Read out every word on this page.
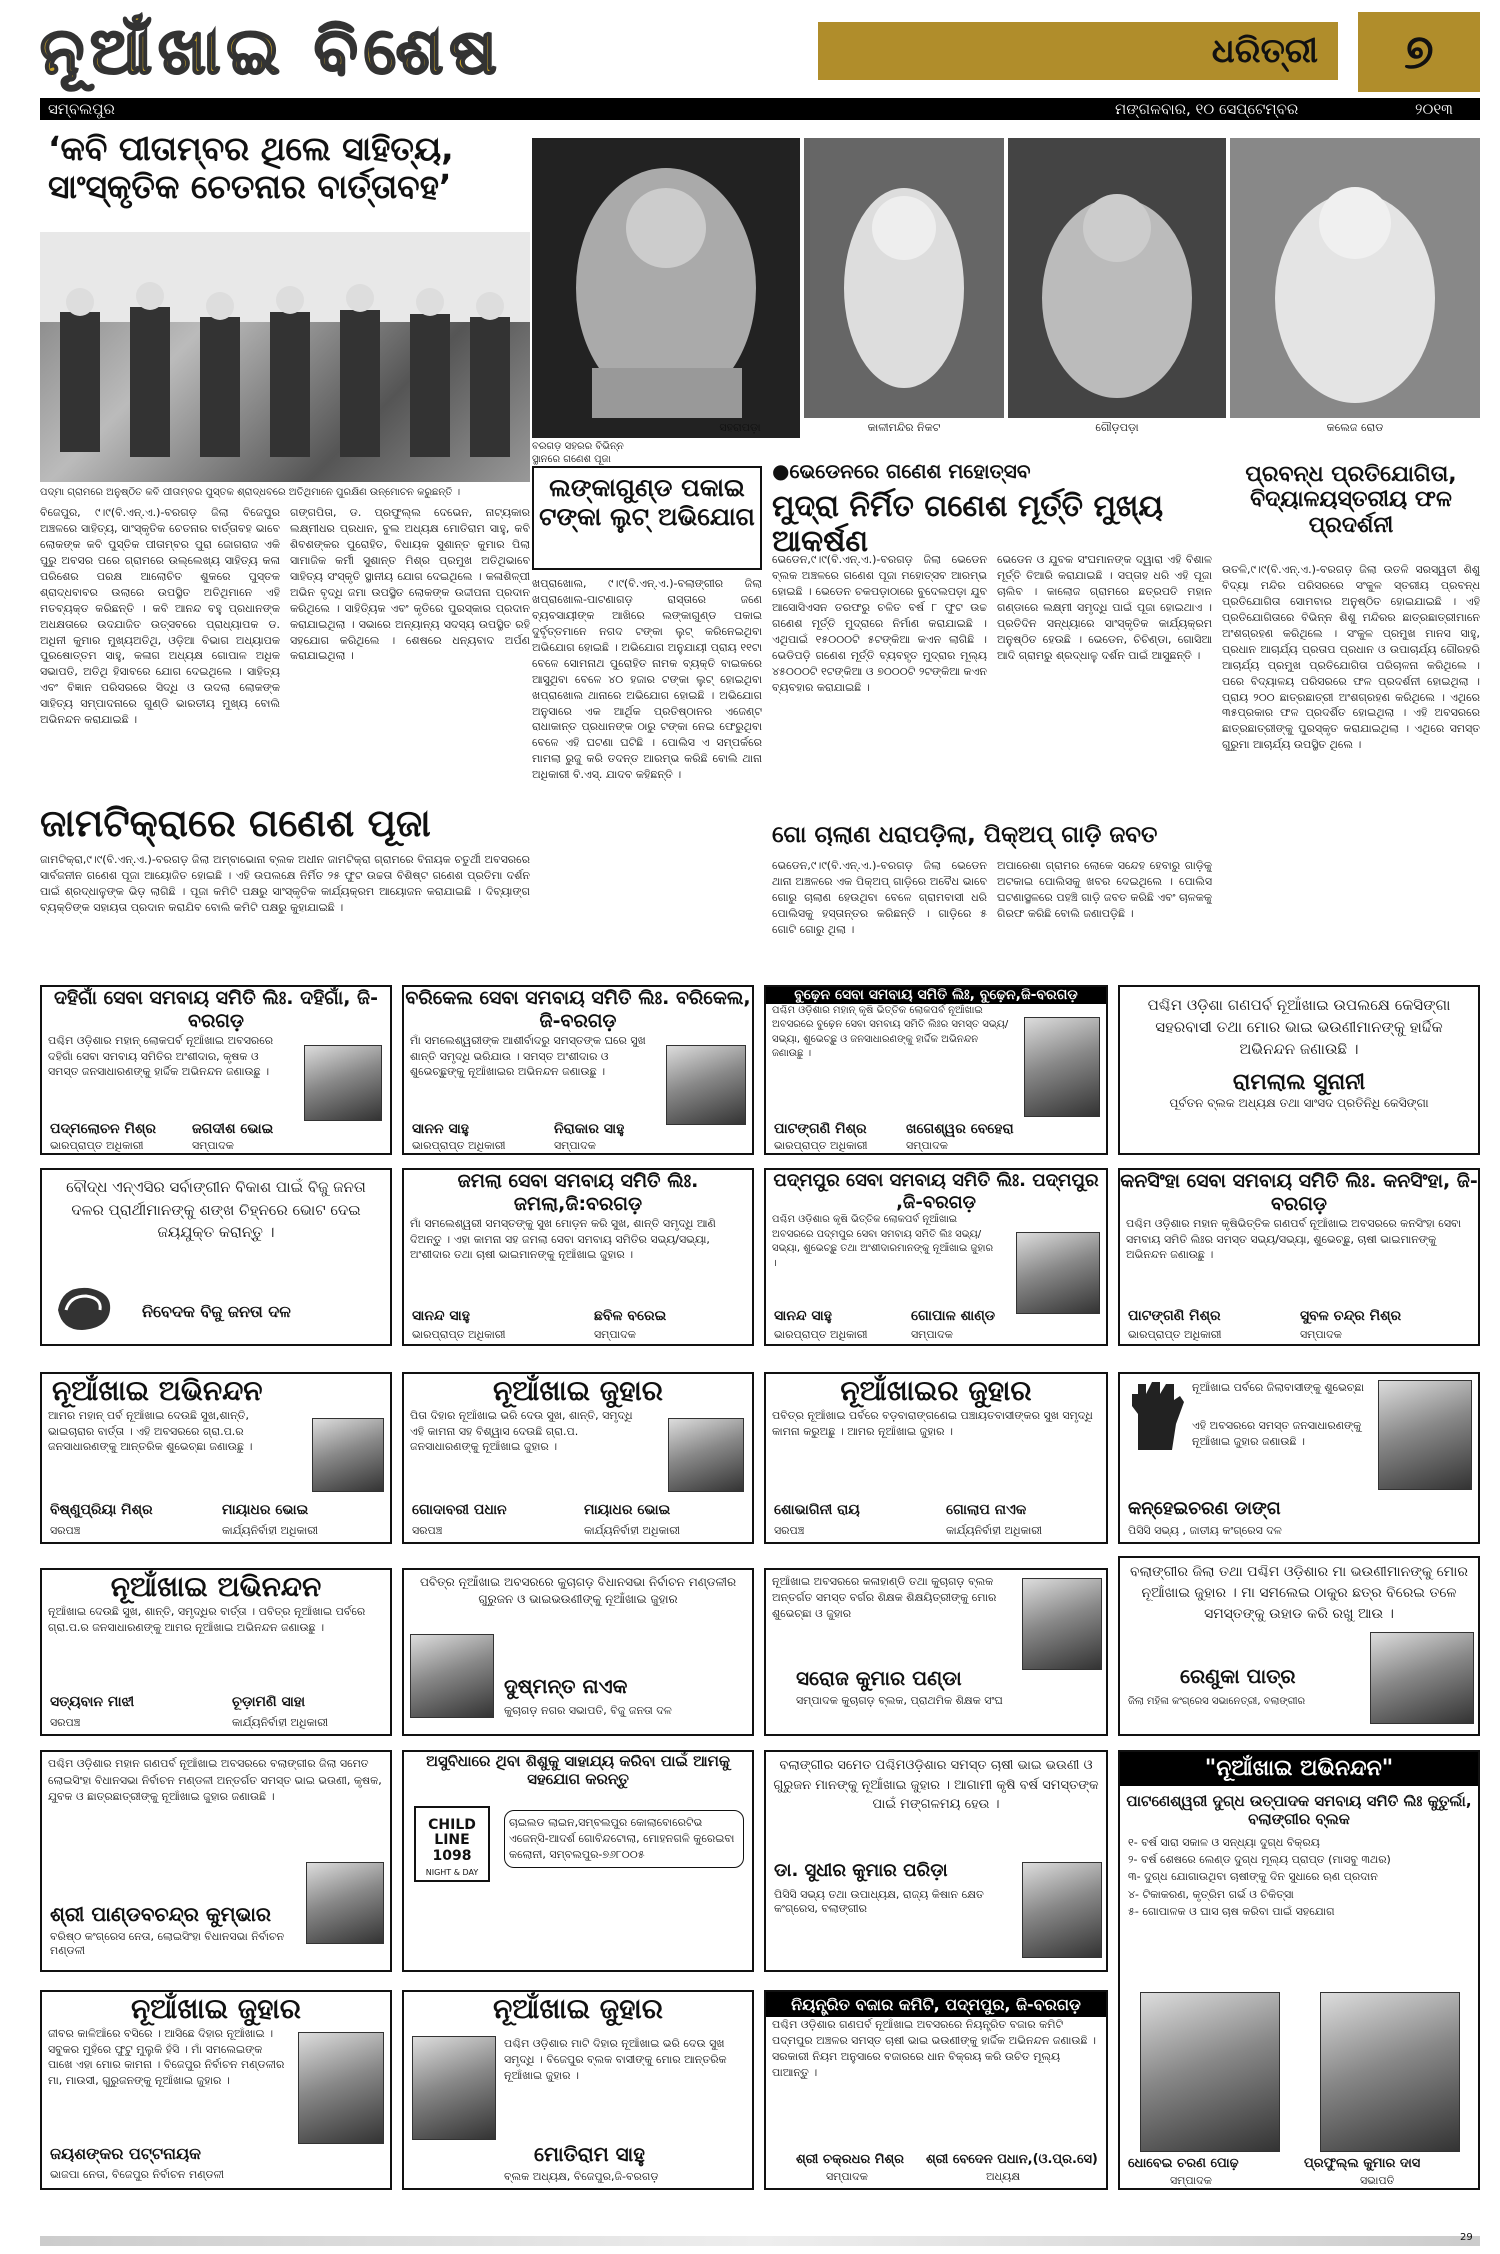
ନୂଆଁଖାଇ ବିଶେଷ	ଧରିତ୍ରୀ	୭
ସମ୍ବଲପୁର	ମଙ୍ଗଳବାର, ୧୦ ସେପ୍ଟେମ୍ବର	୨୦୧୩
‘କବି ପୀତାମ୍ବର ଥିଲେ ସାହିତ୍ୟ, ସାଂସ୍କୃତିକ ଚେତନାର ବାର୍ତ୍ତାବହ’
ପଦ୍ମା ଗ୍ରାମରେ ଅନୁଷ୍ଠିତ କବି ପୀତାମ୍ବର ପୁସ୍ତକ ଶ୍ରାଦ୍ଧବରେ ଅତିଥିମାନେ ପୁରକ୍ଷିଣ ଉନ୍ମୋଚନ କରୁଛନ୍ତି ।
ବିଜେପୁର, ୯।୯(ବି.ଏନ୍.ଏ.)-ବରଗଡ଼ ଜିଲା ବିଜେପୁର ଅଞ୍ଚଳରେ ସାହିତ୍ୟ, ସାଂସ୍କୃତିକ ଚେତନାର ବାର୍ତ୍ତାବହ ଭାବେ ଲୋକଙ୍କ କବି ପୁସ୍ତିକ ପୀତାମ୍ବର ପୁରା ଜୋଗରାଜ ଏକି ପୁରୁ ଅବସର ପରେ ଗ୍ରାମରେ ଉଲ୍ଲେଖ୍ୟ ସାହିତ୍ୟ କଳା ପରିଶେର ପରକ୍ଷ ଆଲୋଚିତ ଶୁକରେ ପୁସ୍ତକ ଶ୍ରାଦ୍ଧବାବର ଉଲାରେ ଉପସ୍ଥିତ ଅତିଥିମାନେ ଏହି ମତବ୍ୟକ୍ତ କରିଛନ୍ତି । କବି ଆନନ୍ଦ ବହୁ ପ୍ରଧାନଙ୍କ ଅଧକ୍ଷତାରେ ଉଦଯାଜିତ ଉତ୍ସବରେ ପ୍ରାଧ୍ୟାପକ ଡ. ଅଧିନୀ କୁମାର ମୁଖ୍ୟଅତିଥି, ଓଡ଼ିଆ ବିଭାଗ ଅଧ୍ୟାପକ ପୁରଷୋତ୍ତମ ସାହୁ, କଳାଗ ଅଧ୍ୟକ୍ଷ ଗୋପାଳ ଅଧିକ ସଭାପତି, ଅତିଥି ହିସାବରେ ଯୋଗ ଦେଇଥିଲେ । ସାହିତ୍ୟ ଏବଂ ବିଜ୍ଞାନ ପରିସରରେ ସିଦ୍ଧି ଓ ଉଦଲା ଲୋକଙ୍କ ସାହିତ୍ୟ ସମ୍ପାଦନାରେ ଗୁଣ୍ଡି ଭାରତୀୟ ମୁଖ୍ୟ ବୋଲି ଅଭିନନ୍ଦନ କରାଯାଇଛି ।
ଗଙ୍ଗପିତା, ଡ. ପ୍ରଫୁଲ୍ଲ ଦେଭେନ, ନାଟ୍ୟକାର ଲକ୍ଷ୍ମୀଧର ପ୍ରଧାନ, ବୁଲ ଅଧ୍ୟକ୍ଷ ମୋତିରାମ ସାହୁ, କବି ଶିବଶଙ୍କର ପୁରୋହିତ, ବିଧାୟକ ସୁଶାନ୍ତ କୁମାର ପିଲା ସାମାଜିକ କର୍ମୀ ସୁଶାନ୍ତ ମିଶ୍ର ପ୍ରମୁଖ ଅତିଥିଭାବେ ସାହିତ୍ୟ ସଂସ୍କୃତି ସ୍ଥାନୀୟ ଯୋଗ ଦେଇଥିଲେ । କଳାଶିଳ୍ପୀ ଅଭିନ ବୃଦ୍ଧି ଜମା ଉପସ୍ଥିତ ଲୋକଙ୍କ ଉଦ୍ଦୀପନା ପ୍ରଦାନ କରିଥିଲେ । ସାହିତ୍ୟିକ ଏବଂ କୃତିରେ ପୁରସ୍କାର ପ୍ରଦାନ କରାଯାଇଥିଲା । ସଭାରେ ଅନ୍ୟାନ୍ୟ ସଦସ୍ୟ ଉପସ୍ଥିତ ରହି ସହଯୋଗ କରିଥିଲେ । ଶେଷରେ ଧନ୍ୟବାଦ ଅର୍ପଣ କରାଯାଇଥିଲା ।
ଜାମଟିକ୍ରାରେ ଗଣେଶ ପୂଜା
ଜାମଟିକ୍ରା,୯।୯(ବି.ଏନ୍.ଏ.)-ବରଗଡ଼ ଜିଲା ଅମ୍ବାଭୋନା ବ୍ଲକ ଅଧୀନ ଜାମଟିକ୍ରା ଗ୍ରାମରେ ବିନାୟକ ଚତୁର୍ଥୀ ଅବସରରେ ସାର୍ବଜନୀନ ଗଣେଶ ପୂଜା ଆୟୋଜିତ ହୋଇଛି । ଏହି ଉପଲକ୍ଷେ ନିର୍ମିତ ୨୫ ଫୁଟ ଉଚ୍ଚତା ବିଶିଷ୍ଟ ଗଣେଶ ପ୍ରତିମା ଦର୍ଶନ ପାଇଁ ଶ୍ରଦ୍ଧାଳୁଙ୍କ ଭିଡ଼ ଲାଗିଛି । ପୂଜା କମିଟି ପକ୍ଷରୁ ସାଂସ୍କୃତିକ କାର୍ଯ୍ୟକ୍ରମ ଆୟୋଜନ କରାଯାଇଛି । ଦିବ୍ୟାଙ୍ଗ ବ୍ୟକ୍ତିଙ୍କ ସହାୟତା ପ୍ରଦାନ କରାଯିବ ବୋଲି କମିଟି ପକ୍ଷରୁ କୁହାଯାଇଛି ।
ବରଗଡ଼ ସହରର ବିଭିନ୍ନ ସ୍ଥାନରେ ଗଣେଶ ପୂଜା
ସହରାପଡ଼ା	କାଳୀମନ୍ଦିର ନିକଟ	ଗୌଡ଼ପଡ଼ା	କଲେଜ ରୋଡ
ଲଙ୍କାଗୁଣ୍ଡ ପକାଇ ଟଙ୍କା ଲୁଟ୍ ଅଭିଯୋଗ
ଖପ୍ରାଖୋଲ, ୯।୯(ବି.ଏନ୍.ଏ.)-ବଲାଙ୍ଗୀର ଜିଲା ଖପ୍ରାଖୋଲ-ପାଟଣାଗଡ଼ ରାସ୍ତାରେ ଜଣେ ବ୍ୟବସାୟୀଙ୍କ ଆଖିରେ ଲଙ୍କାଗୁଣ୍ଡ ପକାଇ ଦୁର୍ବୃତ୍ତମାନେ ନଗଦ ଟଙ୍କା ଲୁଟ୍ କରିନେଇଥିବା ଅଭିଯୋଗ ହୋଇଛି । ଅଭିଯୋଗ ଅନୁଯାୟୀ ପ୍ରାୟ ୧୧ଟା ବେଳେ ସୋମନାଥ ପୁରୋହିତ ନାମକ ବ୍ୟକ୍ତି ବାଇକରେ ଆସୁଥିବା ବେଳେ ୪୦ ହଜାର ଟଙ୍କା ଲୁଟ୍ ହୋଇଥିବା ଖପ୍ରାଖୋଲ ଥାନାରେ ଅଭିଯୋଗ ହୋଇଛି । ଅଭିଯୋଗ ଅନୁସାରେ ଏକ ଆର୍ଥିକ ପ୍ରତିଷ୍ଠାନର ଏଜେଣ୍ଟ ରାଧାକାନ୍ତ ପ୍ରଧାନଙ୍କ ଠାରୁ ଟଙ୍କା ନେଇ ଫେରୁଥିବା ବେଳେ ଏହି ଘଟଣା ଘଟିଛି । ପୋଲିସ ଏ ସମ୍ପର୍କରେ ମାମଲା ରୁଜୁ କରି ତଦନ୍ତ ଆରମ୍ଭ କରିଛି ବୋଲି ଥାନା ଅଧିକାରୀ ବି.ଏସ୍. ଯାଦବ କହିଛନ୍ତି ।
●ଭେଡେନରେ ଗଣେଶ ମହୋତ୍ସବ
ମୁଦ୍ରା ନିର୍ମିତ ଗଣେଶ ମୂର୍ତ୍ତି ମୁଖ୍ୟ ଆକର୍ଷଣ
ଭେଡେନ,୯।୯(ବି.ଏନ୍.ଏ.)-ବରଗଡ଼ ଜିଲା ଭେଡେନ ବ୍ଲକ ଅଞ୍ଚଳରେ ଗଣେଶ ପୂଜା ମହୋତ୍ସବ ଆରମ୍ଭ ହୋଇଛି । ଭେଡେନ ଚକପଡ଼ାଠାରେ ବୁଦେଲପଡ଼ା ଯୁବ ଆସୋସିଏସନ ତରଫରୁ ଚଳିତ ବର୍ଷ ୮ ଫୁଟ ଉଚ୍ଚ ଗଣେଶ ମୂର୍ତ୍ତି ମୁଦ୍ରାରେ ନିର୍ମାଣ କରାଯାଇଛି । ଏଥିପାଇଁ ୧୫୦୦୦ଟି ୫ଟଙ୍କିଆ କଏନ ଲାଗିଛି । ଭେଡିପଡ଼ି ଗଣେଶ ମୂର୍ତ୍ତି ବ୍ୟବହୃତ ମୁଦ୍ରାର ମୂଲ୍ୟ ୪୫୦୦୦ଟି ୧ଟଙ୍କିଆ ଓ ୭୦୦୦ଟି ୨ଟଙ୍କିଆ କଏନ ବ୍ୟବହାର କରାଯାଇଛି ।
ଭେଡେନ ଓ ଯୁବକ ସଂଘମାନଙ୍କ ଦ୍ୱାରା ଏହି ବିଶାଳ ମୂର୍ତ୍ତି ତିଆରି କରାଯାଇଛି । ସପ୍ତାହ ଧରି ଏହି ପୂଜା ଚାଲିବ । କାଲୋଜ ଗ୍ରାମରେ ଛତ୍ରପତି ମହାନ ଗଣ୍ଡାରେ ଲକ୍ଷ୍ମୀ ସମୃଦ୍ଧି ପାଇଁ ପୂଜା ହୋଇଥାଏ । ପ୍ରତିଦିନ ସନ୍ଧ୍ୟାରେ ସାଂସ୍କୃତିକ କାର୍ଯ୍ୟକ୍ରମ ଅନୁଷ୍ଠିତ ହେଉଛି । ଭେଡେନ, ଚିଚିଣ୍ଡା, ଗୋସିଆ ଆଦି ଗ୍ରାମରୁ ଶ୍ରଦ୍ଧାଳୁ ଦର୍ଶନ ପାଇଁ ଆସୁଛନ୍ତି ।
ଗୋ ଚାଲାଣ ଧରାପଡ଼ିଲା, ପିକ୍ଅପ୍ ଗାଡ଼ି ଜବତ
ଭେଡେନ,୯।୯(ବି.ଏନ୍.ଏ.)-ବରଗଡ଼ ଜିଲା ଭେଡେନ ଥାନା ଅଞ୍ଚଳରେ ଏକ ପିକ୍ଅପ୍ ଗାଡ଼ିରେ ଅବୈଧ ଭାବେ ଗୋରୁ ଚାଲାଣ ହେଉଥିବା ବେଳେ ଗ୍ରାମବାସୀ ଧରି ପୋଲିସକୁ ହସ୍ତାନ୍ତର କରିଛନ୍ତି । ଗାଡ଼ିରେ ୫ ଗୋଟି ଗୋରୁ ଥିଲା ।
ଅପାରେଶା ଗ୍ରାମର ଲୋକେ ସନ୍ଦେହ ହେବାରୁ ଗାଡ଼ିକୁ ଅଟକାଇ ପୋଲିସକୁ ଖବର ଦେଇଥିଲେ । ପୋଲିସ ଘଟଣାସ୍ଥଳରେ ପହଞ୍ଚି ଗାଡ଼ି ଜବତ କରିଛି ଏବଂ ଚାଳକକୁ ଗିରଫ କରିଛି ବୋଲି ଜଣାପଡ଼ିଛି ।
ପ୍ରବନ୍ଧ ପ୍ରତିଯୋଗିତା, ବିଦ୍ୟାଳୟସ୍ତରୀୟ ଫଳ ପ୍ରଦର୍ଶନୀ
ଉତଳି,୯।୯(ବି.ଏନ୍.ଏ.)-ବରଗଡ଼ ଜିଲା ଉତଳି ସରସ୍ୱତୀ ଶିଶୁ ବିଦ୍ୟା ମନ୍ଦିର ପରିସରରେ ସଂକୁଳ ସ୍ତରୀୟ ପ୍ରବନ୍ଧ ପ୍ରତିଯୋଗିତା ସୋମବାର ଅନୁଷ୍ଠିତ ହୋଇଯାଇଛି । ଏହି ପ୍ରତିଯୋଗିତାରେ ବିଭିନ୍ନ ଶିଶୁ ମନ୍ଦିରର ଛାତ୍ରଛାତ୍ରୀମାନେ ଅଂଶଗ୍ରହଣ କରିଥିଲେ । ସଂକୁଳ ପ୍ରମୁଖ ମାନସ ସାହୁ, ପ୍ରଧାନ ଆଚାର୍ଯ୍ୟ ପ୍ରତାପ ପ୍ରଧାନ ଓ ଉପାଚାର୍ଯ୍ୟ ଗୌରହରି ଆଚାର୍ଯ୍ୟ ପ୍ରମୁଖ ପ୍ରତିଯୋଗିତା ପରିଚାଳନା କରିଥିଲେ । ପରେ ବିଦ୍ୟାଳୟ ପରିସରରେ ଫଳ ପ୍ରଦର୍ଶନୀ ହୋଇଥିଲା । ପ୍ରାୟ ୨୦୦ ଛାତ୍ରଛାତ୍ରୀ ଅଂଶଗ୍ରହଣ କରିଥିଲେ । ଏଥିରେ ୩୫ପ୍ରକାର ଫଳ ପ୍ରଦର୍ଶିତ ହୋଇଥିଲା । ଏହି ଅବସରରେ ଛାତ୍ରଛାତ୍ରୀଙ୍କୁ ପୁରସ୍କୃତ କରାଯାଇଥିଲା । ଏଥିରେ ସମସ୍ତ ଗୁରୁମା ଆଚାର୍ଯ୍ୟ ଉପସ୍ଥିତ ଥିଲେ ।
ଦହିଗାଁ ସେବା ସମବାୟ ସମିତି ଲିଃ. ଦହିଗାଁ, ଜି-ବରଗଡ଼
ପଶ୍ଚିମ ଓଡ଼ିଶାର ମହାନ୍ ଲୋକପର୍ବ ନୂଆଁଖାଇ ଅବସରରେ ଦହିଗାଁ ସେବା ସମବାୟ ସମିତିର ଅଂଶୀଦାର, କୃଷକ ଓ ସମସ୍ତ ଜନସାଧାରଣଙ୍କୁ ହାର୍ଦ୍ଦିକ ଅଭିନନ୍ଦନ ଜଣାଉଛୁ ।
ପଦ୍ମଲୋଚନ ମିଶ୍ର
ଭାରପ୍ରାପ୍ତ ଅଧିକାରୀ
ଜଗଦୀଶ ଭୋଇ
ସମ୍ପାଦକ
ବରିକେଲ ସେବା ସମବାୟ ସମିତି ଲିଃ. ବରିକେଲ, ଜି-ବରଗଡ଼
ମାଁ ସମଲେଶ୍ୱରୀଙ୍କ ଆଶୀର୍ବାଦରୁ ସମସ୍ତଙ୍କ ଘରେ ସୁଖ ଶାନ୍ତି ସମୃଦ୍ଧି ଭରିଯାଉ । ସମସ୍ତ ଅଂଶୀଦାର ଓ ଶୁଭେଚ୍ଛୁଙ୍କୁ ନୂଆଁଖାଇର ଅଭିନନ୍ଦନ ଜଣାଉଛୁ ।
ସାନନ ସାହୁ
ଭାରପ୍ରାପ୍ତ ଅଧିକାରୀ
ନିରାକାର ସାହୁ
ସମ୍ପାଦକ
ବୁଢ଼େନ ସେବା ସମବାୟ ସମିତି ଲିଃ, ବୁଢ଼େନ,ଜି-ବରଗଡ଼
ପଶ୍ଚିମ ଓଡ଼ିଶାର ମହାନ୍ କୃଷି ଭିତ୍ତିକ ଲୋକପର୍ବ ନୂଆଁଖାଇ ଅବସରରେ ବୁଢ଼େନ ସେବା ସମବାୟ ସମିତି ଲିଃର ସମସ୍ତ ସଭ୍ୟ/ସଭ୍ୟା, ଶୁଭେଚ୍ଛୁ ଓ ଜନସାଧାରଣଙ୍କୁ ହାର୍ଦ୍ଦିକ ଅଭିନନ୍ଦନ ଜଣାଉଛୁ ।
ପାଟଙ୍ଗଣି ମିଶ୍ର
ଭାରପ୍ରାପ୍ତ ଅଧିକାରୀ
ଖଗେଶ୍ୱର ବେହେରା
ସମ୍ପାଦକ
ପଶ୍ଚିମ ଓଡ଼ିଶା ଗଣପର୍ବ ନୂଆଁଖାଇ ଉପଲକ୍ଷେ କେସିଙ୍ଗା ସହରବାସୀ ତଥା ମୋର ଭାଇ ଭଉଣୀମାନଙ୍କୁ ହାର୍ଦ୍ଦିକ ଅଭିନନ୍ଦନ ଜଣାଉଛି ।
ରାମଲାଲ ସୁନାନୀ
ପୂର୍ବତନ ବ୍ଲକ ଅଧ୍ୟକ୍ଷ ତଥା ସାଂସଦ ପ୍ରତିନିଧି କେସିଙ୍ଗା
ବୌଦ୍ଧ ଏନ୍ଏସିର ସର୍ବାଙ୍ଗୀନ ବିକାଶ ପାଇଁ ବିଜୁ ଜନତା ଦଳର ପ୍ରାର୍ଥୀମାନଙ୍କୁ ଶଙ୍ଖ ଚିହ୍ନରେ ଭୋଟ ଦେଇ ଜୟଯୁକ୍ତ କରାନ୍ତୁ ।
ନିବେଦକ ବିଜୁ ଜନତା ଦଳ
ଜମଲା ସେବା ସମବାୟ ସମିତି ଲିଃ. ଜମଲା,ଜି:ବରଗଡ଼
ମାଁ ସମଲେଶ୍ୱରୀ ସମସ୍ତଙ୍କୁ ସୁଖ ମୋଡ଼ନ କରି ସୁଖ, ଶାନ୍ତି ସମୃଦ୍ଧି ଆଣି ଦିଅନ୍ତୁ । ଏହା କାମନା ସହ ଜମଲା ସେବା ସମବାୟ ସମିତିର ସଭ୍ୟ/ସଭ୍ୟା, ଅଂଶୀଦାର ତଥା ଚାଷୀ ଭାଇମାନଙ୍କୁ ନୂଆଁଖାଇ ଜୁହାର ।
ସାନନ୍ଦ ସାହୁ
ଭାରପ୍ରାପ୍ତ ଅଧିକାରୀ
ଛବିଳ ବରେଇ
ସମ୍ପାଦକ
ପଦ୍ମପୁର ସେବା ସମବାୟ ସମିତି ଲିଃ. ପଦ୍ମପୁର ,ଜି-ବରଗଡ଼
ପଶ୍ଚିମ ଓଡ଼ିଶାର କୃଷି ଭିତ୍ତିକ ଲୋକପର୍ବ ନୂଆଁଖାଇ ଅବସରରେ ପଦ୍ମପୁର ସେବା ସମବାୟ ସମିତି ଲିଃ ସଭ୍ୟ/ସଭ୍ୟା, ଶୁଭେଚ୍ଛୁ ତଥା ଅଂଶୀଦାରମାନଙ୍କୁ ନୂଆଁଖାଇ ଜୁହାର ।
ସାନନ୍ଦ ସାହୁ
ଭାରପ୍ରାପ୍ତ ଅଧିକାରୀ
ଗୋପାଳ ଶାଣ୍ଡ
ସମ୍ପାଦକ
କନସିଂହା ସେବା ସମବାୟ ସମିତି ଲିଃ. କନସିଂହା, ଜି-ବରଗଡ଼
ପଶ୍ଚିମ ଓଡ଼ିଶାର ମହାନ କୃଷିଭିତ୍ତିକ ଗଣପର୍ବ ନୂଆଁଖାଇ ଅବସରରେ କନସିଂହା ସେବା ସମବାୟ ସମିତି ଲିଃର ସମସ୍ତ ସଭ୍ୟ/ସଭ୍ୟା, ଶୁଭେଚ୍ଛୁ, ଚାଷୀ ଭାଇମାନଙ୍କୁ ଅଭିନନ୍ଦନ ଜଣାଉଛୁ ।
ପାଟଙ୍ଗଣି ମିଶ୍ର
ଭାରପ୍ରାପ୍ତ ଅଧିକାରୀ
ସୁବଳ ଚନ୍ଦ୍ର ମିଶ୍ର
ସମ୍ପାଦକ
ନୂଆଁଖାଇ ଅଭିନନ୍ଦନ
ଆମର ମହାନ୍ ପର୍ବ ନୂଆଁଖାଇ ଦେଉଛି ସୁଖ,ଶାନ୍ତି, ଭାଇଚାରାର ବାର୍ତ୍ତା । ଏହି ଅବସରରେ ଗ୍ରା.ପ.ର ଜନସାଧାରଣଙ୍କୁ ଆନ୍ତରିକ ଶୁଭେଚ୍ଛା ଜଣାଉଛୁ ।
ବିଷ୍ଣୁପ୍ରିୟା ମିଶ୍ର
ସରପଞ୍ଚ
ମାୟାଧର ଭୋଇ
କାର୍ଯ୍ୟନିର୍ବାହୀ ଅଧିକାରୀ
ନୂଆଁଖାଇ ଜୁହାର
ପିତା ଦିହାର ନୂଆଁଖାଇ ଭରି ଦେଉ ସୁଖ, ଶାନ୍ତି, ସମୃଦ୍ଧି ଏହି କାମନା ସହ ବିଶ୍ୱାସ ଦେଉଛି ଗ୍ରା.ପ. ଜନସାଧାରଣଙ୍କୁ ନୂଆଁଖାଇ ଜୁହାର ।
ଗୋଦାବରୀ ପଧାନ
ସରପଞ୍ଚ
ମାୟାଧର ଭୋଇ
କାର୍ଯ୍ୟନିର୍ବାହୀ ଅଧିକାରୀ
ନୂଆଁଖାଇର ଜୁହାର
ପବିତ୍ର ନୂଆଁଖାଇ ପର୍ବରେ ବଡ଼ବାରାଙ୍ଗଣେଇ ପଞ୍ଚାୟତବାସୀଙ୍କର ସୁଖ ସମୃଦ୍ଧି କାମନା କରୁଅଛୁ । ଆମର ନୂଆଁଖାଇ ଜୁହାର ।
ଶୋଭାଗିନୀ ରାୟ
ସରପଞ୍ଚ
ଗୋଲାପ ନାଏକ
କାର୍ଯ୍ୟନିର୍ବାହୀ ଅଧିକାରୀ
ନୂଆଁଖାଇ ପର୍ବରେ ଜିଲାବାସୀଙ୍କୁ ଶୁଭେଚ୍ଛା
ଏହି ଅବସରରେ ସମସ୍ତ ଜନସାଧାରଣଙ୍କୁ ନୂଆଁଖାଇ ଜୁହାର ଜଣାଉଛି ।
କନ୍ହେଇଚରଣ ଡାଙ୍ଗ
ପିସିସି ସଭ୍ୟ , ଜାତୀୟ କଂଗ୍ରେସ ଦଳ
ନୂଆଁଖାଇ ଅଭିନନ୍ଦନ
ନୂଆଁଖାଇ ଦେଉଛି ସୁଖ, ଶାନ୍ତି, ସମୃଦ୍ଧିର ବାର୍ତ୍ତା । ପବିତ୍ର ନୂଆଁଖାଇ ପର୍ବରେ ଗ୍ରା.ପ.ର ଜନସାଧାରଣଙ୍କୁ ଆମର ନୂଆଁଖାଇ ଅଭିନନ୍ଦନ ଜଣାଉଛୁ ।
ସତ୍ୟବାନ ମାଝୀ
ସରପଞ୍ଚ
ଚୂଡ଼ାମଣି ସାହା
କାର୍ଯ୍ୟନିର୍ବାହୀ ଅଧିକାରୀ
ପବିତ୍ର ନୂଆଁଖାଇ ଅବସରରେ କୁଚାଗଡ଼ ବିଧାନସଭା ନିର୍ବାଚନ ମଣ୍ଡଳୀର ଗୁରୁଜନ ଓ ଭାଇଭଉଣୀଙ୍କୁ ନୂଆଁଖାଇ ଜୁହାର
ଦୁଷ୍ମନ୍ତ ନାଏକ
କୁଚାଗଡ଼ ନଗର ସଭାପତି, ବିଜୁ ଜନତା ଦଳ
ନୂଆଁଖାଇ ଅବସରରେ କଳାହାଣ୍ଡି ତଥା କୁଚାଗଡ଼ ବ୍ଲକ ଅନ୍ତର୍ଗତ ସମସ୍ତ ବର୍ଗର ଶିକ୍ଷକ ଶିକ୍ଷୟିତ୍ରୀଙ୍କୁ ମୋର ଶୁଭେଚ୍ଛା ଓ ଜୁହାର
ସରୋଜ କୁମାର ପଣ୍ଡା
ସମ୍ପାଦକ କୁଚାଗଡ଼ ବ୍ଲକ, ପ୍ରାଥମିକ ଶିକ୍ଷକ ସଂଘ
ବଲାଙ୍ଗୀର ଜିଲା ତଥା ପଶ୍ଚିମ ଓଡ଼ିଶାର ମା ଭଉଣୀମାନଙ୍କୁ ମୋର ନୂଆଁଖାଇ ଜୁହାର । ମା ସମଲେଇ ଠାକୁର ଛତ୍ର ବିରେଇ ତଳେ ସମସ୍ତଙ୍କୁ ଉହାଡ କରି ରଖୁ ଆଉ ।
ରେଣୁକା ପାତ୍ର
ଜିଲା ମହିଳା କଂଗ୍ରେସ ସଭାନେତ୍ରୀ, ବଲାଙ୍ଗୀର
ପଶ୍ଚିମ ଓଡ଼ିଶାର ମହାନ ଗଣପର୍ବ ନୂଆଁଖାଇ ଅବସରରେ ବଲାଙ୍ଗୀର ଜିଲା ସମେତ ଲୋଇସିଂହା ବିଧାନସଭା ନିର୍ବାଚନ ମଣ୍ଡଳୀ ଅନ୍ତର୍ଗତ ସମସ୍ତ ଭାଇ ଭଉଣୀ, କୃଷକ, ଯୁବକ ଓ ଛାତ୍ରଛାତ୍ରୀଙ୍କୁ ନୂଆଁଖାଇ ଜୁହାର ଜଣାଉଛି ।
ଶ୍ରୀ ପାଣ୍ଡବଚନ୍ଦ୍ର କୁମ୍ଭାର
ବରିଷ୍ଠ କଂଗ୍ରେସ ନେତା, ଲୋଇସିଂହା ବିଧାନସଭା ନିର୍ବାଚନ ମଣ୍ଡଳୀ
ଅସୁବିଧାରେ ଥିବା ଶିଶୁକୁ ସାହାଯ୍ୟ କରିବା ପାଇଁ ଆମକୁ ସହଯୋଗ କରନ୍ତୁ
CHILD LINE 1098
NIGHT & DAY
ଚାଇଲଡ ଲାଇନ,ସମ୍ବଲପୁର କୋଲାବୋରେଟିଭ ଏଜେନ୍ସି-ଆଦର୍ଶ ଗୋବିନ୍ଦଟୋଲା, ମୋହନଗଳି କୁରେଇବା କଲୋନୀ, ସମ୍ବଲପୁର-୭୬୮୦୦୫
ବଲାଙ୍ଗୀର ସମେତ ପଶ୍ଚିମଓଡ଼ିଶାର ସମସ୍ତ ଚାଷୀ ଭାଇ ଭଉଣୀ ଓ ଗୁରୁଜନ ମାନଙ୍କୁ ନୂଆଁଖାଇ ଜୁହାର । ଆଗାମୀ କୃଷି ବର୍ଷ ସମସ୍ତଙ୍କ ପାଇଁ ମଙ୍ଗଳମୟ ହେଉ ।
ଡା. ସୁଧୀର କୁମାର ପରିଡ଼ା
ପିସିସି ସଭ୍ୟ ତଥା ଉପାଧ୍ୟକ୍ଷ, ରାଜ୍ୟ କିଷାନ କ୍ଷେତ କଂଗ୍ରେସ, ବଲାଙ୍ଗୀର
"ନୂଆଁଖାଇ ଅଭିନନ୍ଦନ"
ପାଟଣେଶ୍ୱରୀ ଦୁଗ୍ଧ ଉତ୍ପାଦକ ସମବାୟ ସମିତି ଲିଃ କୁତୁର୍ଲା, ବଲାଙ୍ଗୀର ବ୍ଲକ
୧- ବର୍ଷ ସାରା ସକାଳ ଓ ସନ୍ଧ୍ୟା ଦୁଗ୍ଧ ବିକ୍ରୟ
୨- ବର୍ଷ ଶେଷରେ ଲେଣ୍ଡ ଦୁଗ୍ଧ ମୂଲ୍ୟ ପ୍ରାପ୍ତ (ମାସବୁ ୩ଥର)
୩- ଦୁଗ୍ଧ ଯୋଗାଉଥିବା ଚାଷୀଙ୍କୁ ଦିନ ସୁଧାରେ ଋଣ ପ୍ରଦାନ
୪- ଟିକାକରଣ, କୃତ୍ରିମ ଗର୍ଭ ଓ ଚିକିତ୍ସା
୫- ଗୋପାଳକ ଓ ଘାସ ଚାଷ କରିବା ପାଇଁ ସହଯୋଗ
ଧୋବେଇ ଚରଣ ପୋଢ଼
ସମ୍ପାଦକ
ପ୍ରଫୁଲ୍ଲ କୁମାର ଦାସ
ସଭାପତି
ନୂଆଁଖାଇ ଜୁହାର
ଜୀବର କାଳିଆଁରେ ବସିରେ । ଆସିଛେ ଦିହାର ନୂଆଁଖାଇ । ସବୁକର ମୁହଁରେ ଫୁଟୁ ମୁଲୁକି ହଁସି । ମାଁ ସମଲେଇଙ୍କ ପାଖେ ଏହା ମୋର କାମନା । ବିଜେପୁର ନିର୍ବାଚନ ମଣ୍ଡଳୀର ମା, ମାଉସୀ, ଗୁରୁଜନଙ୍କୁ ନୂଆଁଖାଇ ଜୁହାର ।
ଜୟଶଙ୍କର ପଟ୍ଟନାୟକ
ଭାଜପା ନେତା, ବିଜେପୁର ନିର୍ବାଚନ ମଣ୍ଡଳୀ
ନୂଆଁଖାଇ ଜୁହାର
ପଶ୍ଚିମ ଓଡ଼ିଶାର ମାଟି ଦିହାର ନୂଆଁଖାଇ ଭରି ଦେଉ ସୁଖ ସମୃଦ୍ଧି । ବିଜେପୁର ବ୍ଲକ ବାସୀଙ୍କୁ ମୋର ଆନ୍ତରିକ ନୂଆଁଖାଇ ଜୁହାର ।
ମୋତିରାମ ସାହୁ
ବ୍ଲକ ଅଧ୍ୟକ୍ଷ, ବିଜେପୁର,ଜି-ବରଗଡ଼
ନିୟନ୍ତ୍ରିତ ବଜାର କମିଟି, ପଦ୍ମପୁର, ଜି-ବରଗଡ଼
ପଶ୍ଚିମ ଓଡ଼ିଶାର ଗଣପର୍ବ ନୂଆଁଖାଇ ଅବସରରେ ନିୟନ୍ତ୍ରିତ ବଜାର କମିଟି ପଦ୍ମପୁର ଅଞ୍ଚଳର ସମସ୍ତ ଚାଷୀ ଭାଇ ଭଉଣୀଙ୍କୁ ହାର୍ଦ୍ଦିକ ଅଭିନନ୍ଦନ ଜଣାଉଛି । ସରକାରୀ ନିୟମ ଅନୁସାରେ ବଜାରରେ ଧାନ ବିକ୍ରୟ କରି ଉଚିତ ମୂଲ୍ୟ ପାଆନ୍ତୁ ।
ଶ୍ରୀ ଚକ୍ରଧର ମିଶ୍ର
ସମ୍ପାଦକ
ଶ୍ରୀ ବେଦେନ ପଧାନ,(ଓ.ପ୍ର.ସେ)
ଅଧ୍ୟକ୍ଷ
29
